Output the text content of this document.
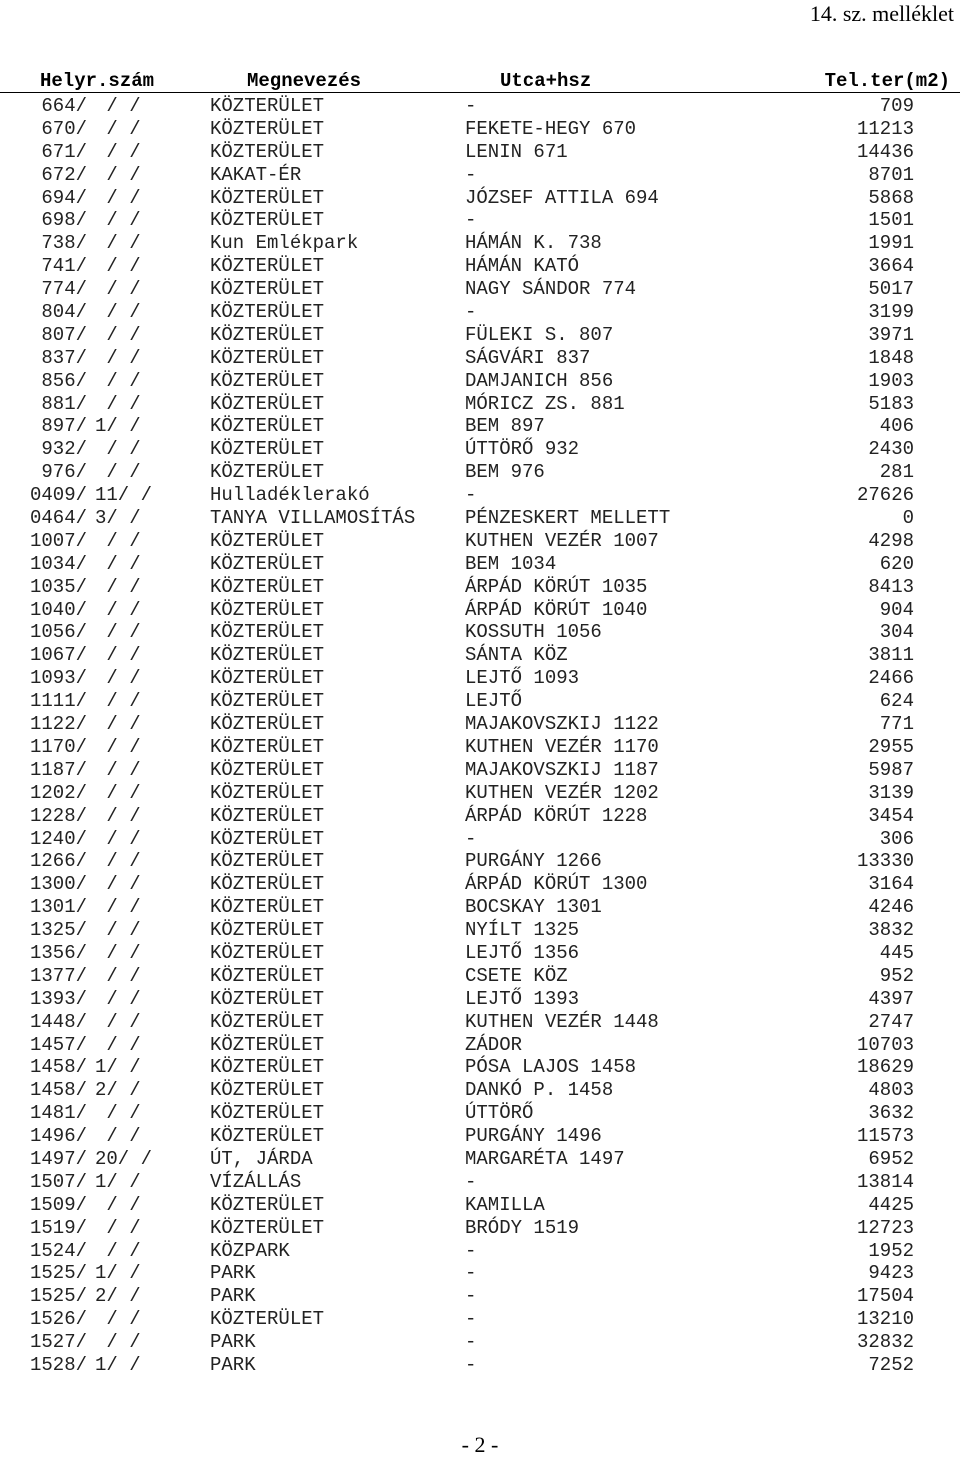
14. sz. melléklet
Helyr.szám	Megnevezés	Utca+hsz	Tel.ter(m2)
664/ / /	KÖZTERÜLET	-	709
670/ / /	KÖZTERÜLET	FEKETE-HEGY 670	11213
671/ / /	KÖZTERÜLET	LENIN 671	14436
672/ / /	KAKAT-ÉR	-	8701
694/ / /	KÖZTERÜLET	JÓZSEF ATTILA 694	5868
698/ / /	KÖZTERÜLET	-	1501
738/ / /	Kun Emlékpark	HÁMÁN K. 738	1991
741/ / /	KÖZTERÜLET	HÁMÁN KATÓ	3664
774/ / /	KÖZTERÜLET	NAGY SÁNDOR 774	5017
804/ / /	KÖZTERÜLET	-	3199
807/ / /	KÖZTERÜLET	FÜLEKI S. 807	3971
837/ / /	KÖZTERÜLET	SÁGVÁRI 837	1848
856/ / /	KÖZTERÜLET	DAMJANICH 856	1903
881/ / /	KÖZTERÜLET	MÓRICZ ZS. 881	5183
897/ 1/ /	KÖZTERÜLET	BEM 897	406
932/ / /	KÖZTERÜLET	ÚTTÖRŐ 932	2430
976/ / /	KÖZTERÜLET	BEM 976	281
0409/ 11/ /	Hulladéklerakó	-	27626
0464/ 3/ /	TANYA VILLAMOSÍTÁS	PÉNZESKERT MELLETT	0
1007/ / /	KÖZTERÜLET	KUTHEN VEZÉR 1007	4298
1034/ / /	KÖZTERÜLET	BEM 1034	620
1035/ / /	KÖZTERÜLET	ÁRPÁD KÖRÚT 1035	8413
1040/ / /	KÖZTERÜLET	ÁRPÁD KÖRÚT 1040	904
1056/ / /	KÖZTERÜLET	KOSSUTH 1056	304
1067/ / /	KÖZTERÜLET	SÁNTA KÖZ	3811
1093/ / /	KÖZTERÜLET	LEJTŐ 1093	2466
1111/ / /	KÖZTERÜLET	LEJTŐ	624
1122/ / /	KÖZTERÜLET	MAJAKOVSZKIJ 1122	771
1170/ / /	KÖZTERÜLET	KUTHEN VEZÉR 1170	2955
1187/ / /	KÖZTERÜLET	MAJAKOVSZKIJ 1187	5987
1202/ / /	KÖZTERÜLET	KUTHEN VEZÉR 1202	3139
1228/ / /	KÖZTERÜLET	ÁRPÁD KÖRÚT 1228	3454
1240/ / /	KÖZTERÜLET	-	306
1266/ / /	KÖZTERÜLET	PURGÁNY 1266	13330
1300/ / /	KÖZTERÜLET	ÁRPÁD KÖRÚT 1300	3164
1301/ / /	KÖZTERÜLET	BOCSKAY 1301	4246
1325/ / /	KÖZTERÜLET	NYÍLT 1325	3832
1356/ / /	KÖZTERÜLET	LEJTŐ 1356	445
1377/ / /	KÖZTERÜLET	CSETE KÖZ	952
1393/ / /	KÖZTERÜLET	LEJTŐ 1393	4397
1448/ / /	KÖZTERÜLET	KUTHEN VEZÉR 1448	2747
1457/ / /	KÖZTERÜLET	ZÁDOR	10703
1458/ 1/ /	KÖZTERÜLET	PÓSA LAJOS 1458	18629
1458/ 2/ /	KÖZTERÜLET	DANKÓ P. 1458	4803
1481/ / /	KÖZTERÜLET	ÚTTÖRŐ	3632
1496/ / /	KÖZTERÜLET	PURGÁNY 1496	11573
1497/ 20/ /	ÚT, JÁRDA	MARGARÉTA 1497	6952
1507/ 1/ /	VÍZÁLLÁS	-	13814
1509/ / /	KÖZTERÜLET	KAMILLA	4425
1519/ / /	KÖZTERÜLET	BRÓDY 1519	12723
1524/ / /	KÖZPARK	-	1952
1525/ 1/ /	PARK	-	9423
1525/ 2/ /	PARK	-	17504
1526/ / /	KÖZTERÜLET	-	13210
1527/ / /	PARK	-	32832
1528/ 1/ /	PARK	-	7252
- 2 -
